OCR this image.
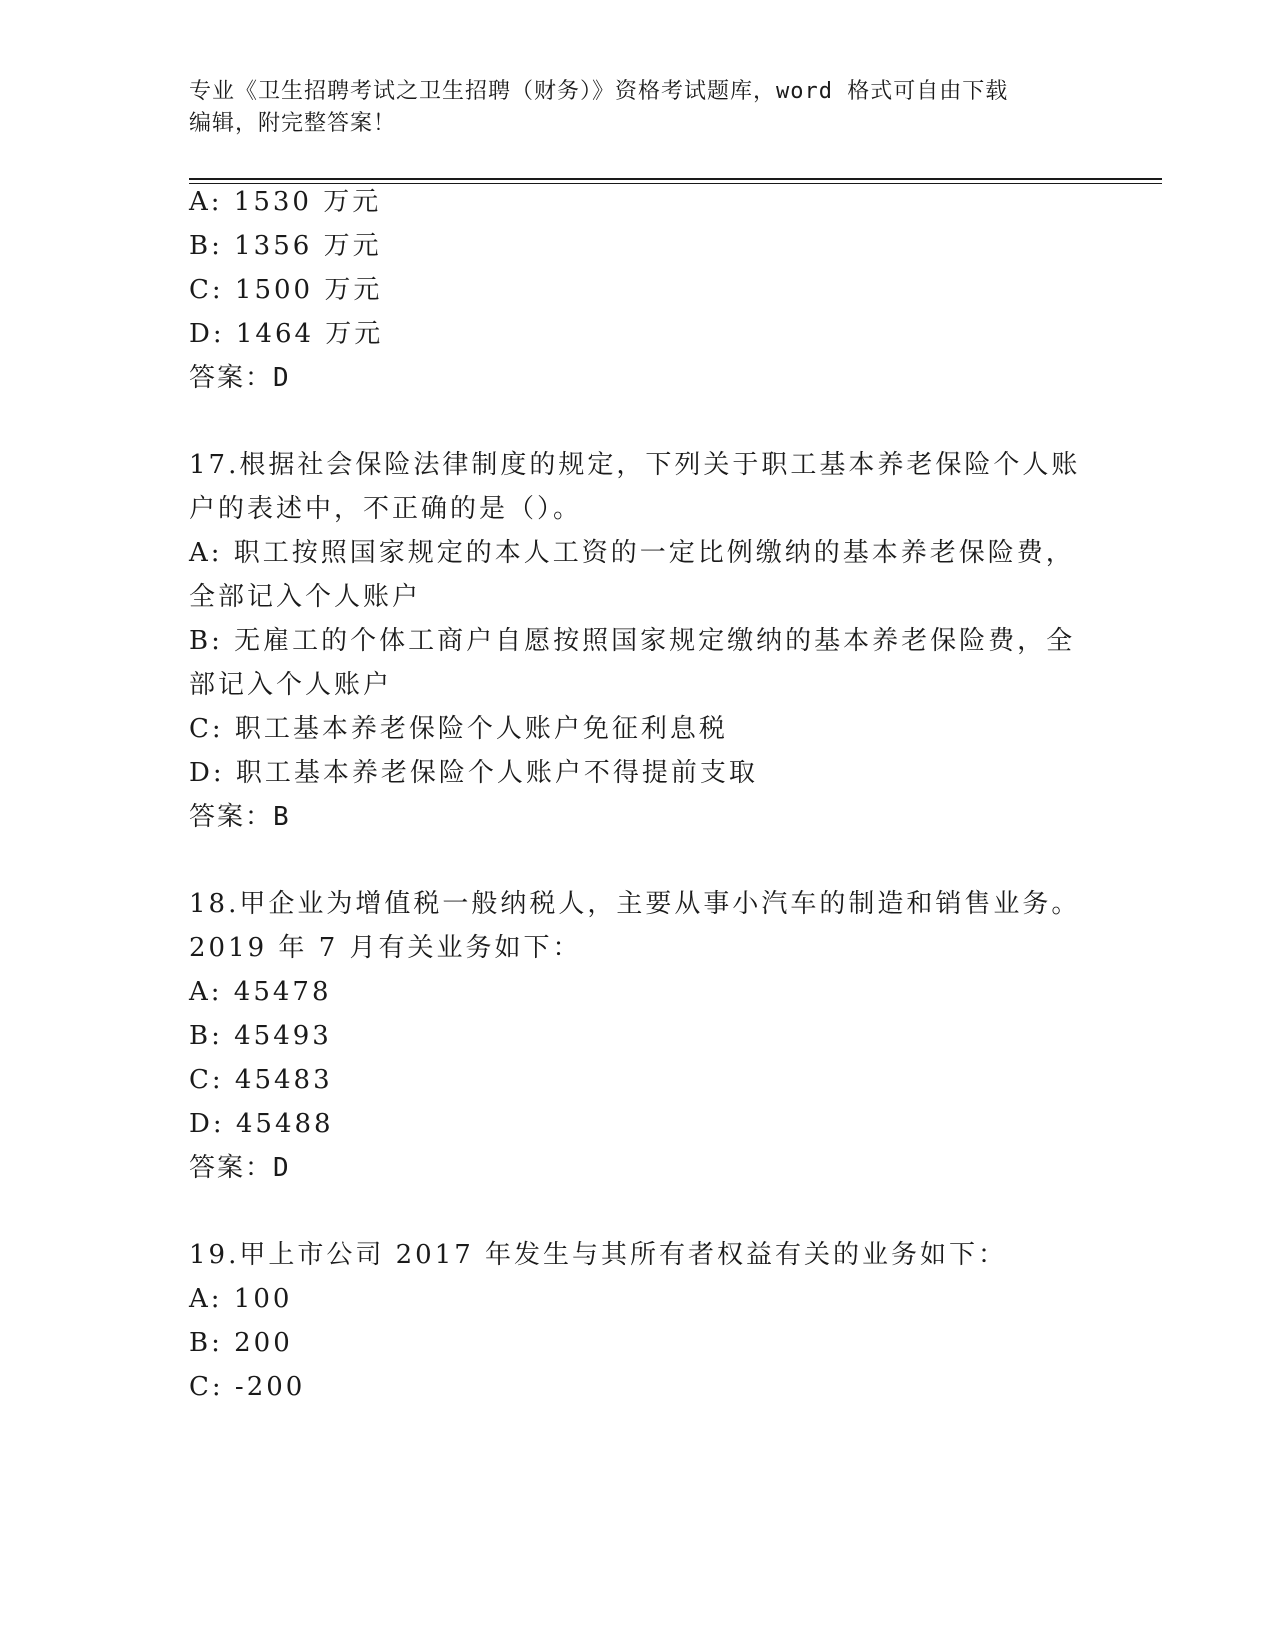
专业《卫生招聘考试之卫生招聘（财务）》资格考试题库，word 格式可自由下载
编辑，附完整答案！
A: 1530 万元
B: 1356 万元
C: 1500 万元
D: 1464 万元
答案：D
17.根据社会保险法律制度的规定，下列关于职工基本养老保险个人账
户的表述中，不正确的是（）。
A: 职工按照国家规定的本人工资的一定比例缴纳的基本养老保险费，
全部记入个人账户
B: 无雇工的个体工商户自愿按照国家规定缴纳的基本养老保险费，全
部记入个人账户
C: 职工基本养老保险个人账户免征利息税
D: 职工基本养老保险个人账户不得提前支取
答案：B
18.甲企业为增值税一般纳税人，主要从事小汽车的制造和销售业务。
2019 年 7 月有关业务如下：
A: 45478
B: 45493
C: 45483
D: 45488
答案：D
19.甲上市公司 2017 年发生与其所有者权益有关的业务如下：
A: 100
B: 200
C: -200
